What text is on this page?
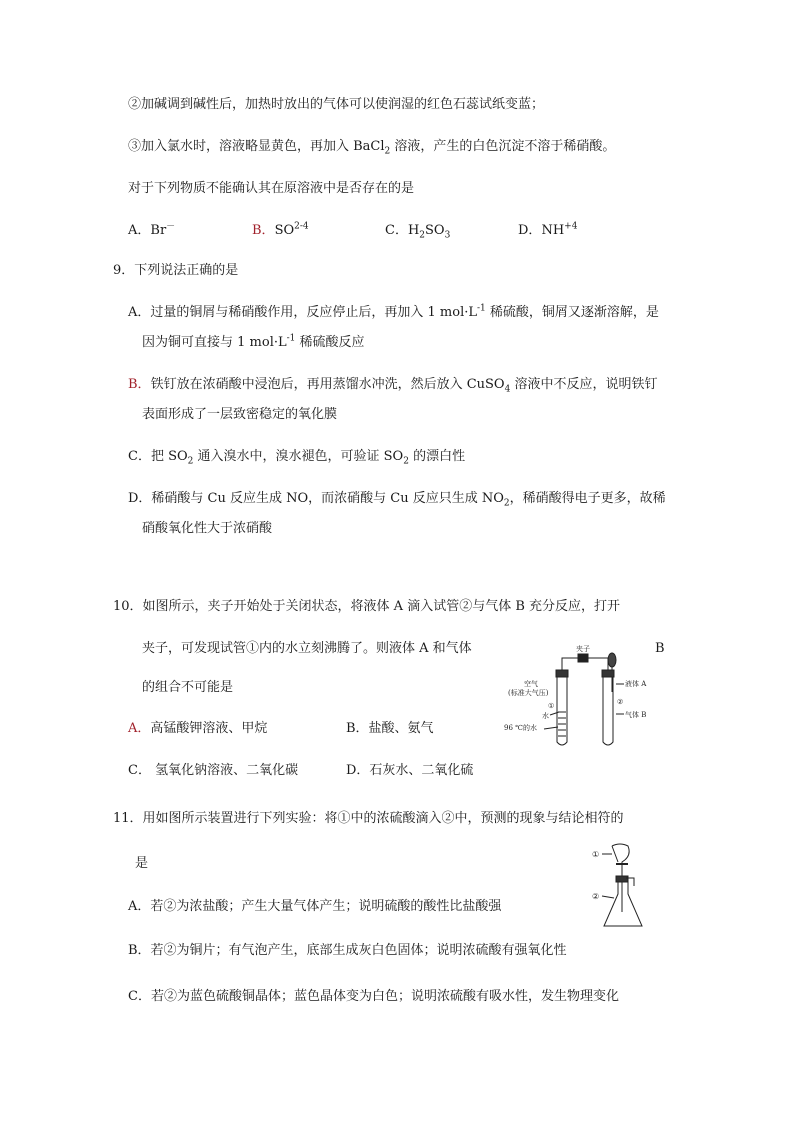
②加碱调到碱性后，加热时放出的气体可以使润湿的红色石蕊试纸变蓝；
③加入氯水时，溶液略显黄色，再加入 BaCl$_2$ 溶液，产生的白色沉淀不溶于稀硝酸。
对于下列物质不能确认其在原溶液中是否存在的是
A．Br－	B．SO$^{2-4}$	C．$H_2SO_3$	D．$NH^{+4}$
9．下列说法正确的是
A．过量的铜屑与稀硝酸作用，反应停止后，再加入 1 $mol\cdot L^{-1}$ 稀硫酸，铜屑又逐渐溶解，是
因为铜可直接与 1 $mol\cdot L^{-1}$ 稀硫酸反应
B．铁钉放在浓硝酸中浸泡后，再用蒸馏水冲洗，然后放入 CuSO$_4$ 溶液中不反应，说明铁钉
表面形成了一层致密稳定的氧化膜
C．把 $SO_2$ 通入溴水中，溴水褪色，可验证 $SO_2$ 的漂白性
D．稀硝酸与 Cu 反应生成 NO，而浓硝酸与 Cu 反应只生成 $NO_2$，稀硝酸得电子更多，故稀
硝酸氧化性大于浓硝酸
10．如图所示，夹子开始处于关闭状态，将液体 A 滴入试管②与气体 B 充分反应，打开
夹子，可发现试管①内的水立刻沸腾了。则液体 A 和气体	B
的组合不可能是
A．高锰酸钾溶液、甲烷	B．盐酸、氨气
C． 氢氧化钠溶液、二氧化碳	D．石灰水、二氧化硫
夹子
空气
(标准大气压)
①
水
96 ℃的水
液体 A
②
气体 B
11．用如图所示装置进行下列实验：将①中的浓硫酸滴入②中，预测的现象与结论相符的
是
A．若②为浓盐酸；产生大量气体产生；说明硫酸的酸性比盐酸强
B．若②为铜片；有气泡产生，底部生成灰白色固体；说明浓硫酸有强氧化性
C．若②为蓝色硫酸铜晶体；蓝色晶体变为白色；说明浓硫酸有吸水性，发生物理变化
①
②
